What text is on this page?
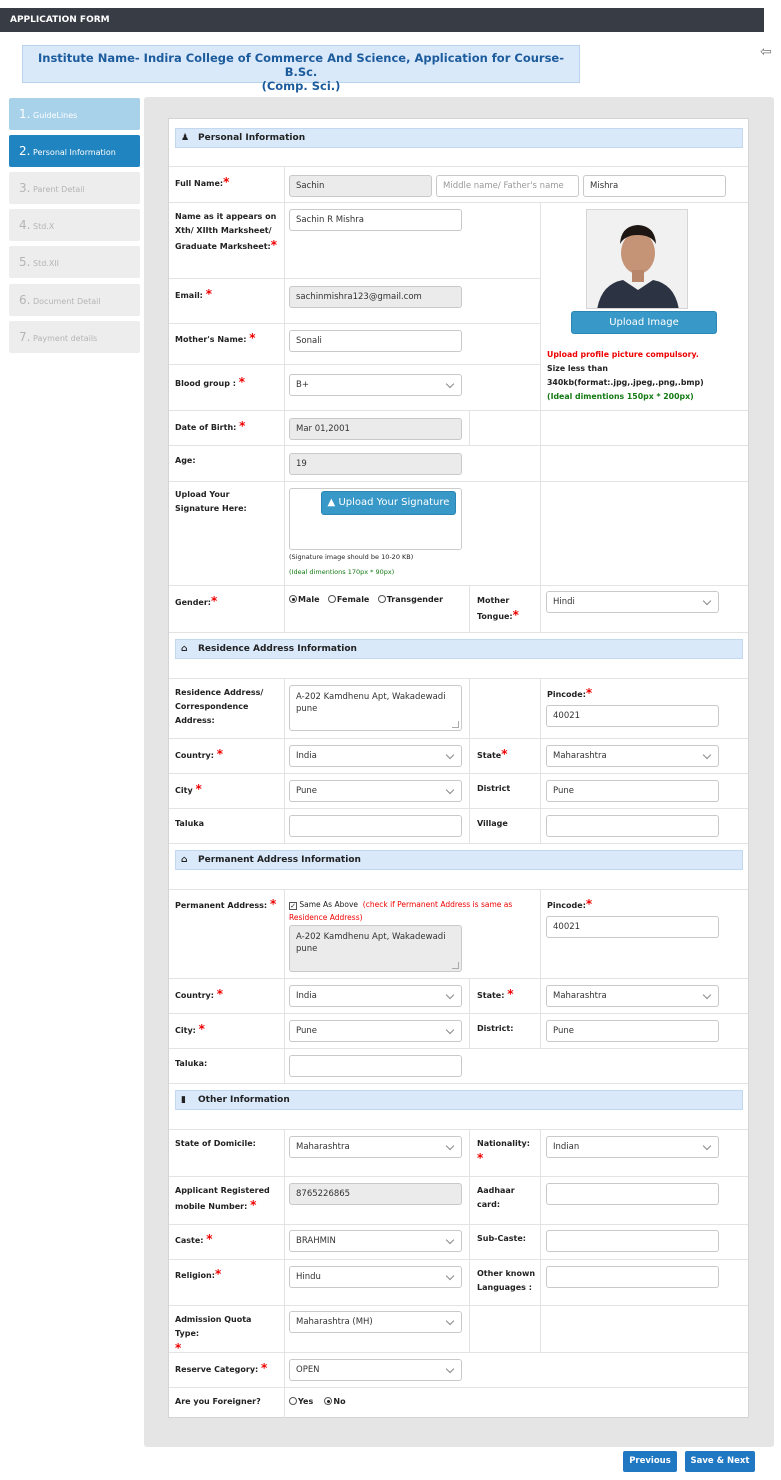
APPLICATION FORM
Institute Name- Indira College of Commerce And Science, Application for Course- B.Sc.
(Comp. Sci.)
⇦
1. GuideLines
2. Personal Information
3. Parent Detail
4. Std.X
5. Std.XII
6. Document Detail
7. Payment details
♟ Personal Information
Full Name:*	Sachin	Middle name/ Father's name	Mishra
Name as it appears on Xth/ XIIth Marksheet/ Graduate Marksheet:*
Sachin R Mishra
Email: *	sachinmishra123@gmail.com
Mother's Name: *	Sonali
Blood group : *	B+
Upload Image
Upload profile picture compulsory.
Size less than
340kb(format:.jpg,.jpeg,.png,.bmp)
(Ideal dimentions 150px * 200px)
Date of Birth: *	Mar 01,2001
Age:	19
Upload Your Signature Here:
▲ Upload Your Signature
(Signature image should be 10-20 KB)
(Ideal dimentions 170px * 90px)
Gender:*	Male Female Transgender	Mother Tongue:*
Hindi
⌂ Residence Address Information
Residence Address/ Correspondence Address:
A-202 Kamdhenu Apt, Wakadewadi pune
Pincode:*
40021
Country: *	India	State*	Maharashtra
City *	Pune	District	Pune
Taluka	Village
⌂ Permanent Address Information
Permanent Address: * ✓ Same As Above (check if Permanent Address is same as
Residence Address)
A-202 Kamdhenu Apt, Wakadewadi pune
Pincode:*
40021
Country: *	India	State: *	Maharashtra
City: *	Pune	District:	Pune
Taluka:
▮ Other Information
State of Domicile:	Maharashtra	Nationality:
*
Indian
Applicant Registered mobile Number: *
8765226865	Aadhaar card:
Caste: *	BRAHMIN	Sub-Caste:
Religion:*	Hindu	Other known Languages :
Admission Quota Type:
*
Maharashtra (MH)
Reserve Category: *	OPEN
Are you Foreigner?	Yes	No
Previous	Save & Next
